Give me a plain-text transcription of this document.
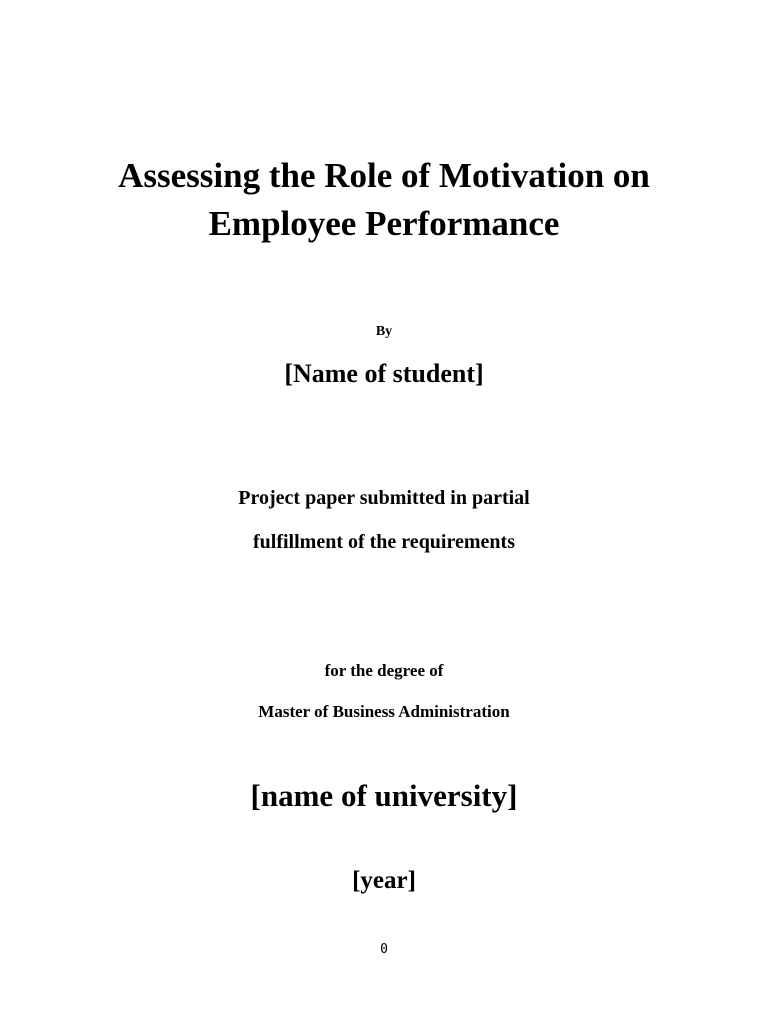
Assessing the Role of Motivation on
Employee Performance
By
[Name of student]
Project paper submitted in partial
fulfillment of the requirements
for the degree of
Master of Business Administration
[name of university]
[year]
0
